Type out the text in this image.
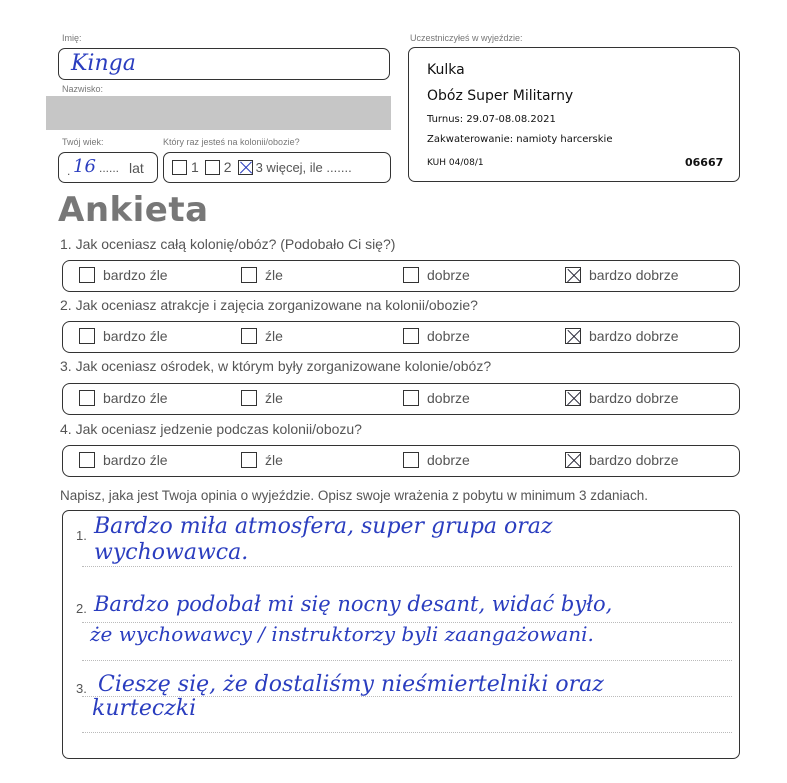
Imię:
Kinga
Nazwisko:
Twój wiek:
. 16 ...... lat
Który raz jesteś na kolonii/obozie?
1 2 3 więcej, ile .......
Uczestniczyłeś w wyjeździe:
Kulka
Obóz Super Militarny
Turnus: 29.07-08.08.2021
Zakwaterowanie: namioty harcerskie
KUH 04/08/1	06667
Ankieta
1. Jak oceniasz całą kolonię/obóz? (Podobało Ci się?)
bardzo źle	źle	dobrze	bardzo dobrze
2. Jak oceniasz atrakcje i zajęcia zorganizowane na kolonii/obozie?
bardzo źle	źle	dobrze	bardzo dobrze
3. Jak oceniasz ośrodek, w którym były zorganizowane kolonie/obóz?
bardzo źle	źle	dobrze	bardzo dobrze
4. Jak oceniasz jedzenie podczas kolonii/obozu?
bardzo źle	źle	dobrze	bardzo dobrze
Napisz, jaka jest Twoja opinia o wyjeździe. Opisz swoje wrażenia z pobytu w minimum 3 zdaniach.
1.
2.
3.
Bardzo miła atmosfera, super grupa oraz
wychowawca.
Bardzo podobał mi się nocny desant, widać było,
że wychowawcy / instruktorzy byli zaangażowani.
Cieszę się, że dostaliśmy nieśmiertelniki oraz
kurteczki
